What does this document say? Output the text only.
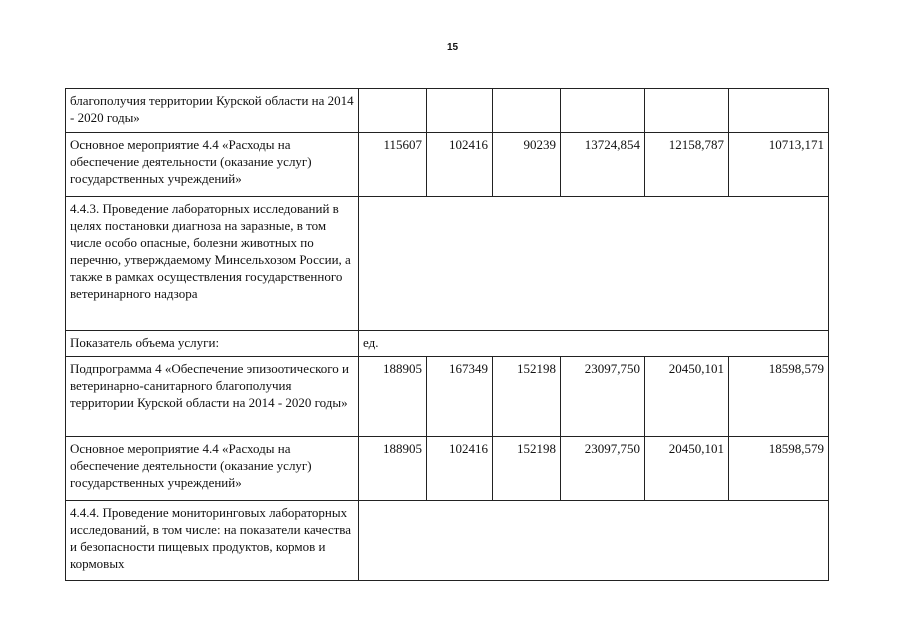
15
благополучия территории Курской области на 2014 - 2020 годы»						
Основное мероприятие 4.4 «Расходы на обеспечение деятельности (оказание услуг) государственных учреждений»	115607	102416	90239	13724,854	12158,787	10713,171
4.4.3. Проведение лабораторных исследований в целях постановки диагноза на заразные, в том числе особо опасные, болезни животных по перечню, утверждаемому Минсельхозом России, а также в рамках осуществления государственного ветеринарного надзора						
Показатель объема услуги:	ед.					
Подпрограмма 4 «Обеспечение эпизоотического и ветеринарно-санитарного благополучия территории Курской области на 2014 - 2020 годы»	188905	167349	152198	23097,750	20450,101	18598,579
Основное мероприятие 4.4 «Расходы на обеспечение деятельности (оказание услуг) государственных учреждений»	188905	102416	152198	23097,750	20450,101	18598,579
4.4.4. Проведение мониторинговых лабораторных исследований, в том числе: на показатели качества и безопасности пищевых продуктов, кормов и кормовых						
